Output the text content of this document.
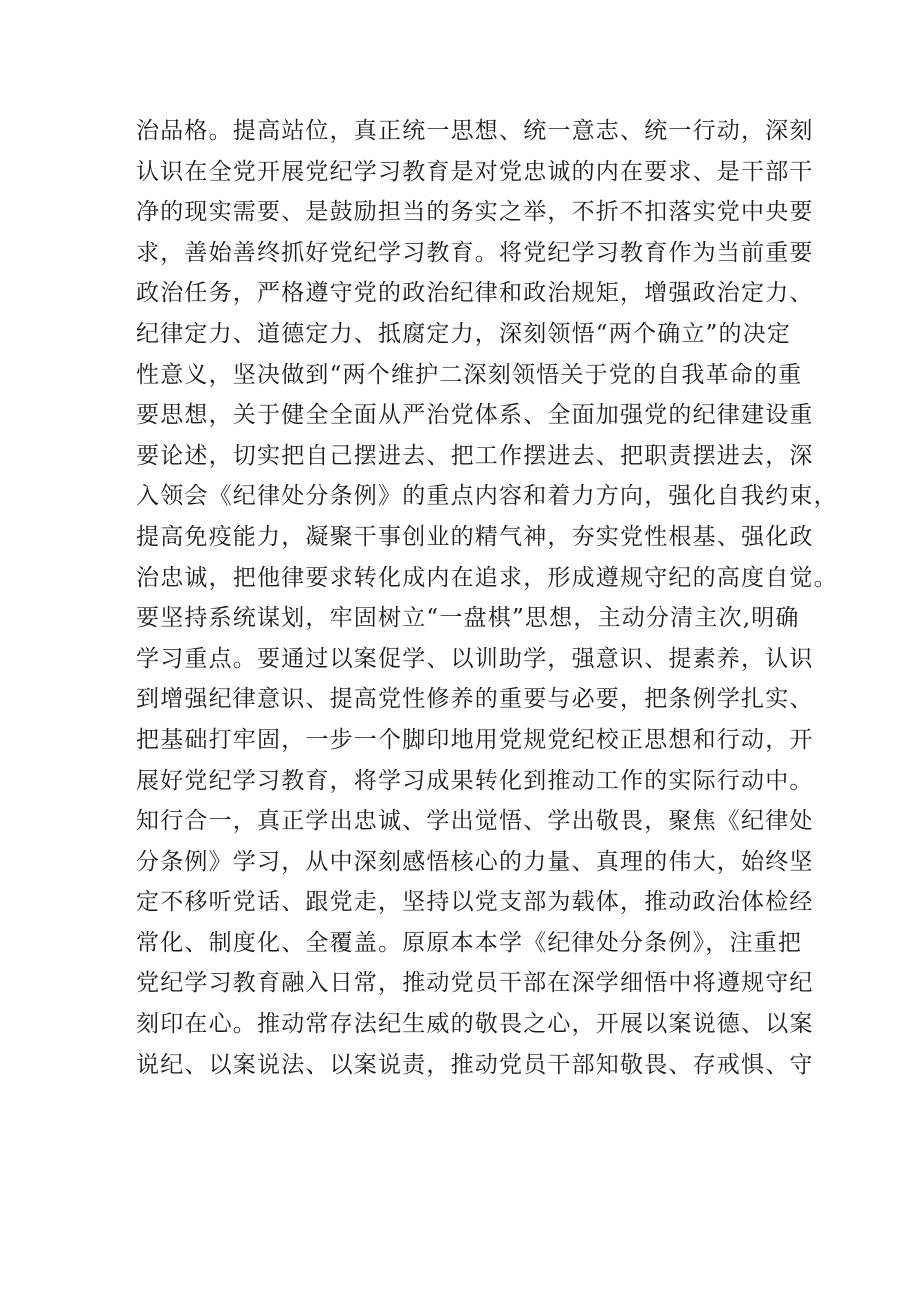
治品格。提高站位，真正统一思想、统一意志、统一行动，深刻
认识在全党开展党纪学习教育是对党忠诚的内在要求、是干部干
净的现实需要、是鼓励担当的务实之举，不折不扣落实党中央要
求，善始善终抓好党纪学习教育。将党纪学习教育作为当前重要
政治任务，严格遵守党的政治纪律和政治规矩，增强政治定力、
纪律定力、道德定力、抵腐定力，深刻领悟“两个确立”的决定
性意义，坚决做到“两个维护二深刻领悟关于党的自我革命的重
要思想，关于健全全面从严治党体系、全面加强党的纪律建设重
要论述，切实把自己摆进去、把工作摆进去、把职责摆进去，深
入领会《纪律处分条例》的重点内容和着力方向，强化自我约束，
提高免疫能力，凝聚干事创业的精气神，夯实党性根基、强化政
治忠诚，把他律要求转化成内在追求，形成遵规守纪的高度自觉。
要坚持系统谋划，牢固树立“一盘棋”思想，主动分清主次,明确
学习重点。要通过以案促学、以训助学，强意识、提素养，认识
到增强纪律意识、提高党性修养的重要与必要，把条例学扎实、
把基础打牢固，一步一个脚印地用党规党纪校正思想和行动，开
展好党纪学习教育，将学习成果转化到推动工作的实际行动中。
知行合一，真正学出忠诚、学出觉悟、学出敬畏，聚焦《纪律处
分条例》学习，从中深刻感悟核心的力量、真理的伟大，始终坚
定不移听党话、跟党走，坚持以党支部为载体，推动政治体检经
常化、制度化、全覆盖。原原本本学《纪律处分条例》，注重把
党纪学习教育融入日常，推动党员干部在深学细悟中将遵规守纪
刻印在心。推动常存法纪生威的敬畏之心，开展以案说德、以案
说纪、以案说法、以案说责，推动党员干部知敬畏、存戒惧、守
